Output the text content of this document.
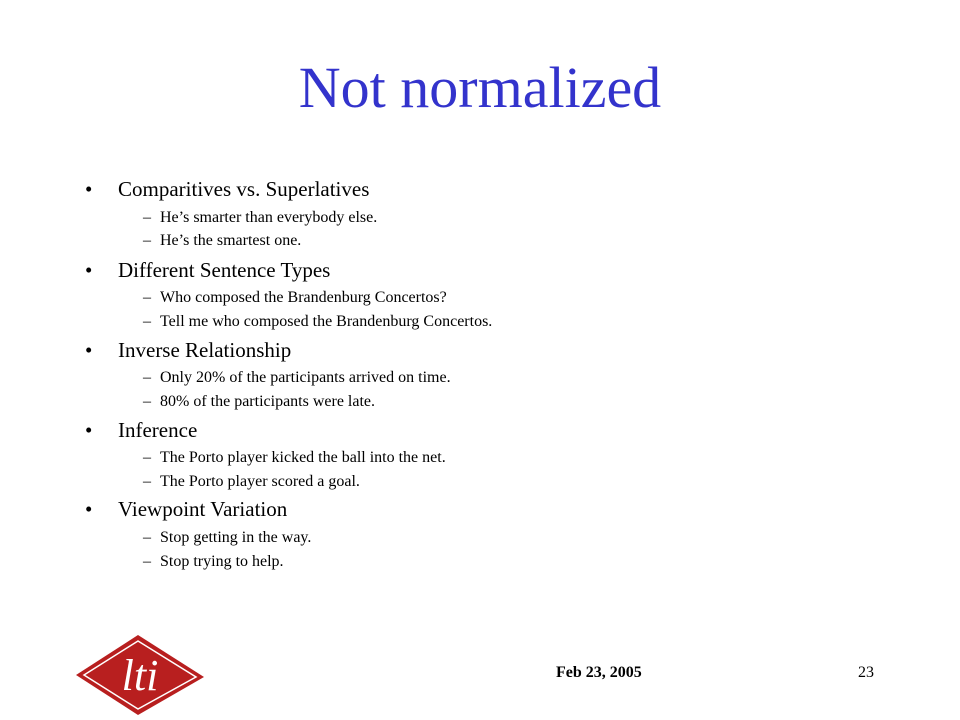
Not normalized
• Comparitives vs. Superlatives
– He’s smarter than everybody else.
– He’s the smartest one.
• Different Sentence Types
– Who composed the Brandenburg Concertos?
– Tell me who composed the Brandenburg Concertos.
• Inverse Relationship
– Only 20% of the participants arrived on time.
– 80% of the participants were late.
• Inference
– The Porto player kicked the ball into the net.
– The Porto player scored a goal.
• Viewpoint Variation
– Stop getting in the way.
– Stop trying to help.
lti	Feb 23, 2005	23
